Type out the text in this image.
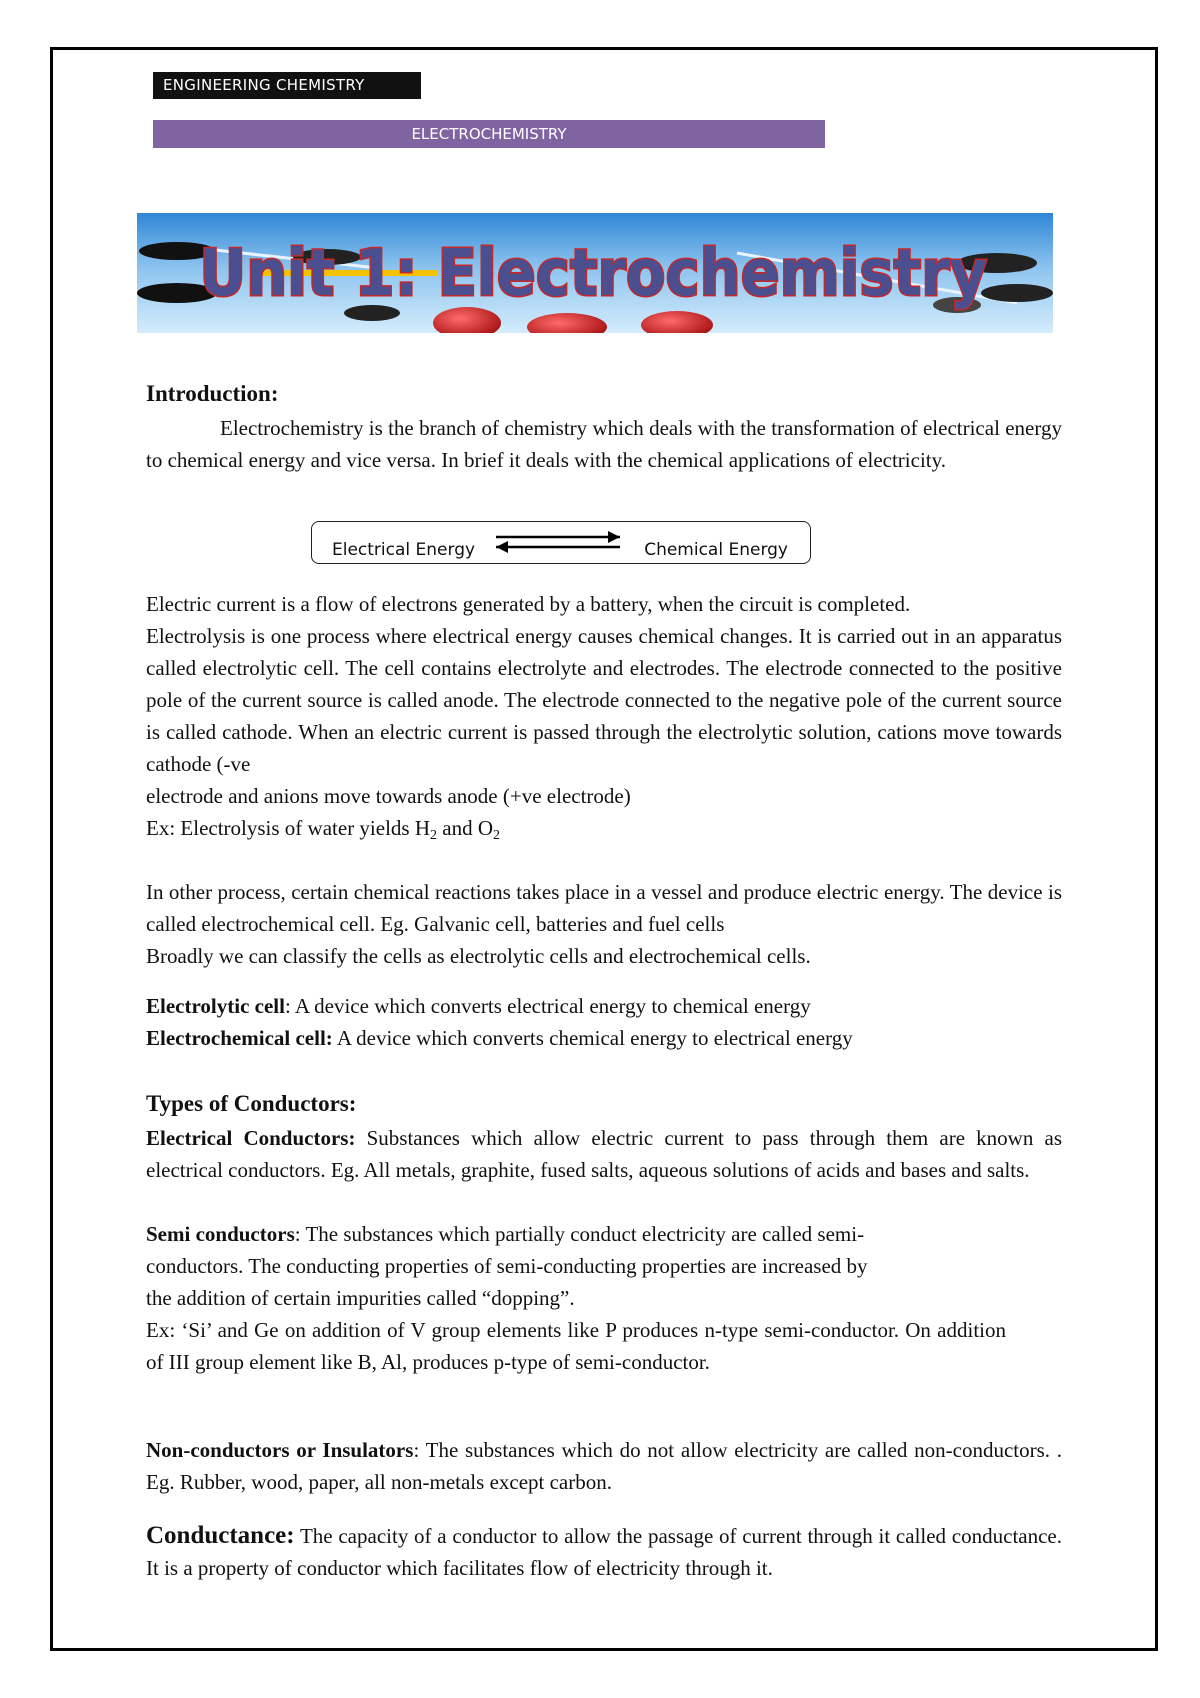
ENGINEERING CHEMISTRY
ELECTROCHEMISTRY
Unit 1: Electrochemistry
Introduction:
Electrochemistry is the branch of chemistry which deals with the transformation of electrical energy to chemical energy and vice versa. In brief it deals with the chemical applications of electricity.
Electrical Energy	Chemical Energy
Electric current is a flow of electrons generated by a battery, when the circuit is completed.
Electrolysis is one process where electrical energy causes chemical changes. It is carried out in an apparatus called electrolytic cell. The cell contains electrolyte and electrodes. The electrode connected to the positive pole of the current source is called anode. The electrode connected to the negative pole of the current source is called cathode. When an electric current is passed through the electrolytic solution, cations move towards cathode (-ve
electrode and anions move towards anode (+ve electrode)
Ex: Electrolysis of water yields $H_2$ and $O_2$
In other process, certain chemical reactions takes place in a vessel and produce electric energy. The device is called electrochemical cell. Eg. Galvanic cell, batteries and fuel cells
Broadly we can classify the cells as electrolytic cells and electrochemical cells.
Electrolytic cell: A device which converts electrical energy to chemical energy
Electrochemical cell: A device which converts chemical energy to electrical energy
Types of Conductors:
Electrical Conductors: Substances which allow electric current to pass through them are known as electrical conductors. Eg. All metals, graphite, fused salts, aqueous solutions of acids and bases and salts.
Semi conductors: The substances which partially conduct electricity are called semi-
conductors. The conducting properties of semi-conducting properties are increased by
the addition of certain impurities called “dopping”.
Ex: ‘Si’ and Ge on addition of V group elements like P produces n-type semi-conductor. On addition of III group element like B, Al, produces p-type of semi-conductor.
Non-conductors or Insulators: The substances which do not allow electricity are called non-conductors. . Eg. Rubber, wood, paper, all non-metals except carbon.
Conductance: The capacity of a conductor to allow the passage of current through it called conductance. It is a property of conductor which facilitates flow of electricity through it.
